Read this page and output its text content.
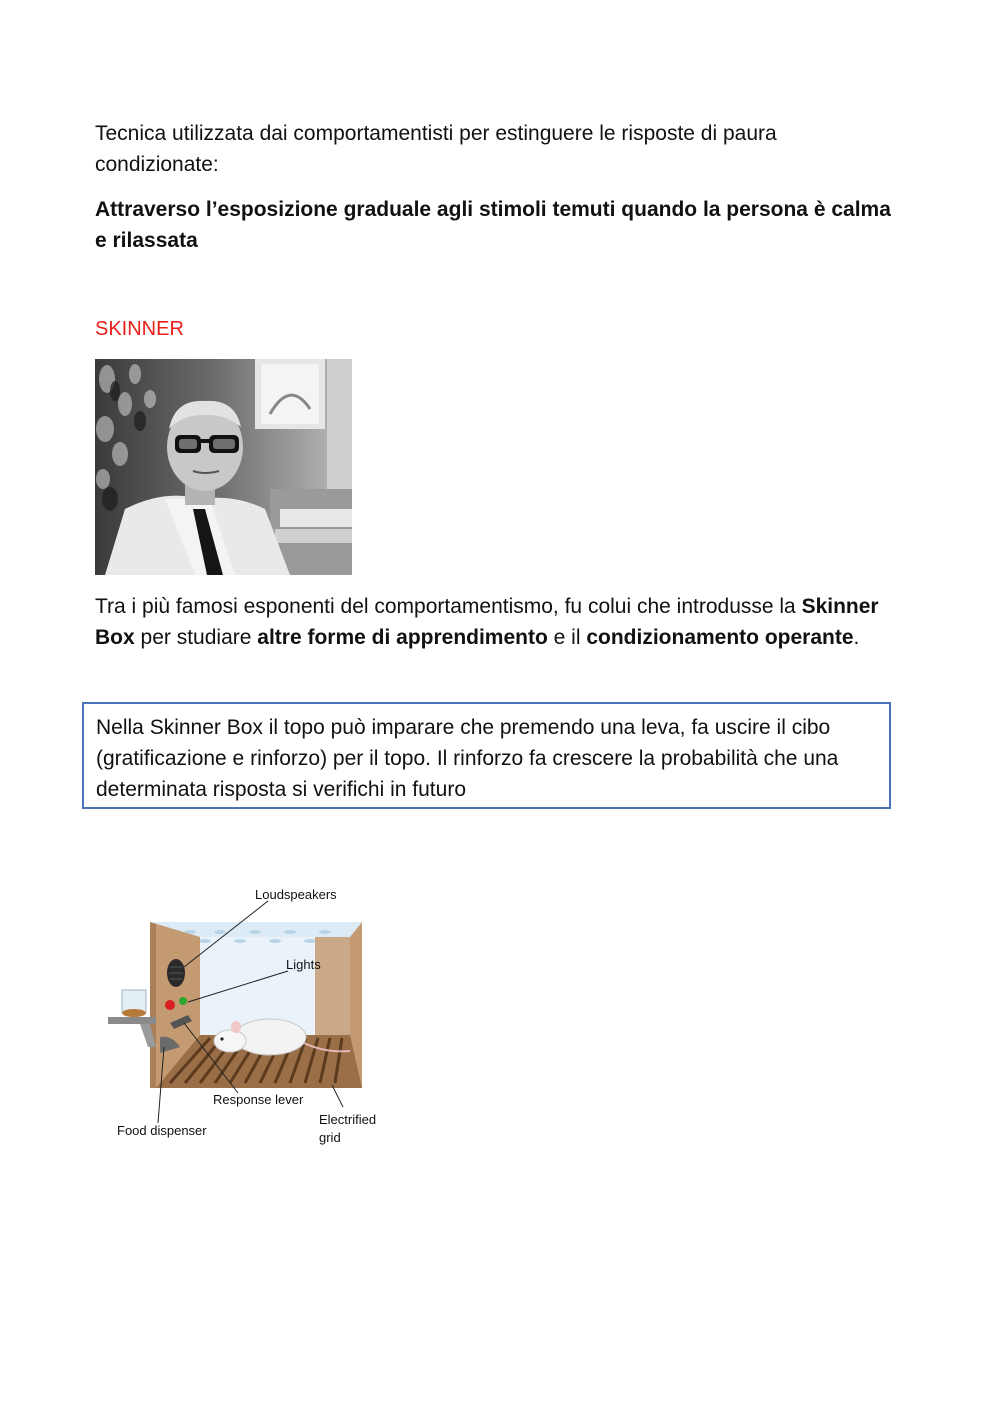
Tecnica utilizzata dai comportamentisti per estinguere le risposte di paura condizionate:

Attraverso l’esposizione graduale agli stimoli temuti quando la persona è calma e rilassata

SKINNER

Tra i più famosi esponenti del comportamentismo, fu colui che introdusse la Skinner Box per studiare altre forme di apprendimento e il condizionamento operante.

Nella Skinner Box il topo può imparare che premendo una leva, fa uscire il cibo (gratificazione e rinforzo) per il topo. Il rinforzo fa crescere la probabilità che una determinata risposta si verifichi in futuro
Loudspeakers
Lights
Response lever
Electrified
grid
Food dispenser
